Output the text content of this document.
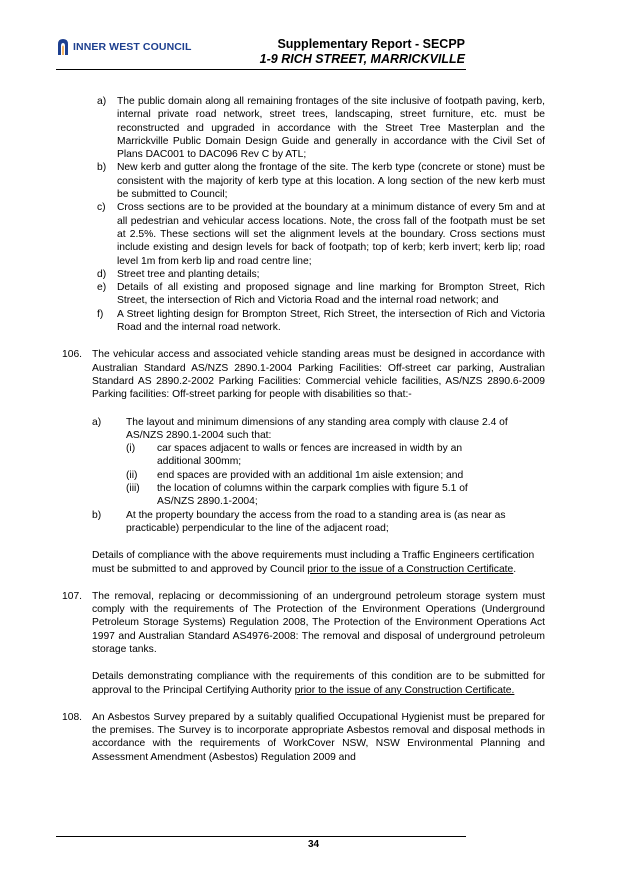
INNER WEST COUNCIL	Supplementary Report - SECPP
1-9 RICH STREET, MARRICKVILLE
a) The public domain along all remaining frontages of the site inclusive of footpath paving, kerb, internal private road network, street trees, landscaping, street furniture, etc. must be reconstructed and upgraded in accordance with the Street Tree Masterplan and the Marrickville Public Domain Design Guide and generally in accordance with the Civil Set of Plans DAC001 to DAC096 Rev C by ATL;
b) New kerb and gutter along the frontage of the site. The kerb type (concrete or stone) must be consistent with the majority of kerb type at this location. A long section of the new kerb must be submitted to Council;
c) Cross sections are to be provided at the boundary at a minimum distance of every 5m and at all pedestrian and vehicular access locations. Note, the cross fall of the footpath must be set at 2.5%. These sections will set the alignment levels at the boundary. Cross sections must include existing and design levels for back of footpath; top of kerb; kerb invert; kerb lip; road level 1m from kerb lip and road centre line;
d) Street tree and planting details;
e) Details of all existing and proposed signage and line marking for Brompton Street, Rich Street, the intersection of Rich and Victoria Road and the internal road network; and
f) A Street lighting design for Brompton Street, Rich Street, the intersection of Rich and Victoria Road and the internal road network.
106. The vehicular access and associated vehicle standing areas must be designed in accordance with Australian Standard AS/NZS 2890.1-2004 Parking Facilities: Off-street car parking, Australian Standard AS 2890.2-2002 Parking Facilities: Commercial vehicle facilities, AS/NZS 2890.6-2009 Parking facilities: Off-street parking for people with disabilities so that:-
a) The layout and minimum dimensions of any standing area comply with clause 2.4 of AS/NZS 2890.1-2004 such that:
(i) car spaces adjacent to walls or fences are increased in width by an additional 300mm;
(ii) end spaces are provided with an additional 1m aisle extension; and
(iii) the location of columns within the carpark complies with figure 5.1 of AS/NZS 2890.1-2004;
b) At the property boundary the access from the road to a standing area is (as near as practicable) perpendicular to the line of the adjacent road;
Details of compliance with the above requirements must including a Traffic Engineers certification must be submitted to and approved by Council prior to the issue of a Construction Certificate.
107. The removal, replacing or decommissioning of an underground petroleum storage system must comply with the requirements of The Protection of the Environment Operations (Underground Petroleum Storage Systems) Regulation 2008, The Protection of the Environment Operations Act 1997 and Australian Standard AS4976-2008: The removal and disposal of underground petroleum storage tanks.
Details demonstrating compliance with the requirements of this condition are to be submitted for approval to the Principal Certifying Authority prior to the issue of any Construction Certificate.
108. An Asbestos Survey prepared by a suitably qualified Occupational Hygienist must be prepared for the premises. The Survey is to incorporate appropriate Asbestos removal and disposal methods in accordance with the requirements of WorkCover NSW, NSW Environmental Planning and Assessment Amendment (Asbestos) Regulation 2009 and
34
